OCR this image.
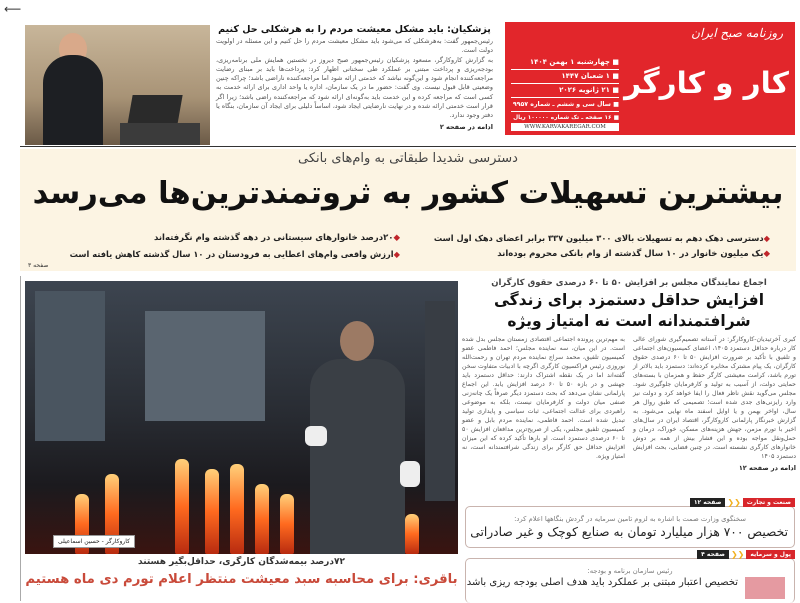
⟵
پزشکیان: باید مشکل معیشت مردم را به هرشکلی حل کنیم

رئیس‌جمهور گفت: به‌هرشکلی که می‌شود باید مشکل معیشت مردم را حل کنیم و این مسئله در اولویت دولت است.

به گزارش کاروکارگر، مسعود پزشکیان رئیس‌جمهور صبح دیروز در نخستین همایش ملی برنامه‌ریزی، بودجه‌ریزی و پرداخت مبتنی بر عملکرد طی سخنانی اظهار کرد: پرداخت‌ها باید بر مبنای رضایت مراجعه‌کننده انجام شود و این‌گونه نباشد که خدمتی ارائه شود اما مراجعه‌کننده ناراضی باشد؛ چراکه چنین وضعیتی قابل قبول نیست. وی گفت: حضور ما در یک سازمان، اداره یا واحد اداری برای ارائه خدمت به کسی است که مراجعه کرده و این خدمت باید به‌گونه‌ای ارائه شود که مراجعه‌کننده راضی باشد؛ زیرا اگر قرار است خدمتی ارائه شده و در نهایت نارضایتی ایجاد شود، اساساً دلیلی برای ایجاد آن سازمان، بنگاه یا دفتر وجود ندارد.

ادامه در صفحه ۲
روزنامه صبح ایران
کار و کارگر
■ چهارشنبه ۱ بهمن ۱۴۰۴
■ ۱ شعبان ۱۴۴۷
■ ۲۱ ژانویه ۲۰۲۶
■ سال سی و ششم ـ شماره ۹۹۵۷
■ ۱۶ صفحه ـ تک شماره ۱۰۰۰۰۰ ریال
WWW.KARVAKAREGAR.COM
دسترسی شدیدا طبقاتی به وام‌های بانکی
بیشترین تسهیلات کشور به ثروتمندترین‌ها می‌رسد
◆دسترسی دهک دهم به تسهیلات بالای ۳۰۰ میلیون ۳۳۷ برابر اعضای دهک اول است
◆یک میلیون خانوار در ۱۰ سال گذشته از وام بانکی محروم بوده‌اند
◆۲۰درصد خانوارهای سیستانی در دهه گذشته وام نگرفته‌اند
◆ارزش واقعی وام‌های اعطایی به فرودستان در ۱۰ سال گذشته کاهش یافته است
صفحه ۳
کاروکارگر - حسین اسماعیلی
۷۲درصد بیمه‌شدگان کارگری، حداقل‌بگیر هستند
باقری: برای محاسبه سبد معیشت منتظر اعلام تورم دی ماه هستیم
اجماع نمایندگان مجلس بر افزایش ۵۰ تا ۶۰ درصدی حقوق کارگران
افزایش حداقل دستمزد برای زندگی شرافتمندانه است نه امتیاز ویژه

کبری آخرتیدیان-کاروکارگر: در آستانه تصمیم‌گیری شورای عالی کار درباره حداقل دستمزد ۱۴۰۵، اعضای کمیسیون‌های اجتماعی و تلفیق با تأکید بر ضرورت افزایش ۵۰ تا ۶۰ درصدی حقوق کارگران، یک پیام مشترک مخابره کرده‌اند: دستمزد باید بالاتر از تورم باشد، کرامت معیشتی کارگر حفظ و همزمان با بسته‌های حمایتی دولت، از آسیب به تولید و کارفرمایان جلوگیری شود. مجلس می‌گوید نقش ناظر فعال را ایفا خواهد کرد و دولت نیز وارد رایزنی‌های جدی شده است؛ تصمیمی که طبق روال هر سال، اواخر بهمن و یا اوایل اسفند ماه نهایی می‌شود. به گزارش خبرنگار پارلمانی کاروکارگر، اقتصاد ایران در سال‌های اخیر با تورم مزمن، جهش هزینه‌های مسکن، خوراک، درمان و حمل‌ونقل مواجه بوده و این فشار بیش از همه بر دوش خانوارهای کارگری نشسته است. در چنین فضایی، بحث افزایش دستمزد ۱۴۰۵

به مهم‌ترین پرونده اجتماعی اقتصادی زمستان مجلس بدل شده است. در این میان، سه نماینده مجلس؛ احمد فاطمی عضو کمیسیون تلفیق، محمد سراج نماینده مردم تهران و رحمت‌الله نوروزی رئیس فراکسیون کارگری اگرچه با ادبیات متفاوت سخن گفته‌اند اما در یک نقطه اشتراک دارند: حداقل دستمزد باید جهشی و در بازه ۵۰ تا ۶۰ درصد افزایش یابد. این اجماع پارلمانی نشان می‌دهد که بحث دستمزد دیگر صرفاً یک چانه‌زنی صنفی میان دولت و کارفرمایان نیست، بلکه به موضوعی راهبردی برای عدالت اجتماعی، ثبات سیاسی و پایداری تولید تبدیل شده است. احمد فاطمی، نماینده مردم بابل و عضو کمیسیون تلفیق مجلس، یکی از صریح‌ترین مدافعان افزایش ۵۰ تا ۶۰ درصدی دستمزد است. او بارها تأکید کرده که این میزان افزایش حداقل حق کارگر برای زندگی شرافتمندانه است، نه امتیاز ویژه.

ادامه در صفحه ۱۲
صنعت و تجارت
❮❮
صفحه ۱۲
سخنگوی وزارت صمت با اشاره به لزوم تامین سرمایه در گردش بنگاهها اعلام کرد:
تخصیص ۷۰۰ هزار میلیارد تومان به صنایع کوچک و غیر صادراتی
پول و سرمایه
❮❮
صفحه ۴
رئیس سازمان برنامه و بودجه:
تخصیص اعتبار مبتنی بر عملکرد باید هدف اصلی بودجه ریزی باشد
